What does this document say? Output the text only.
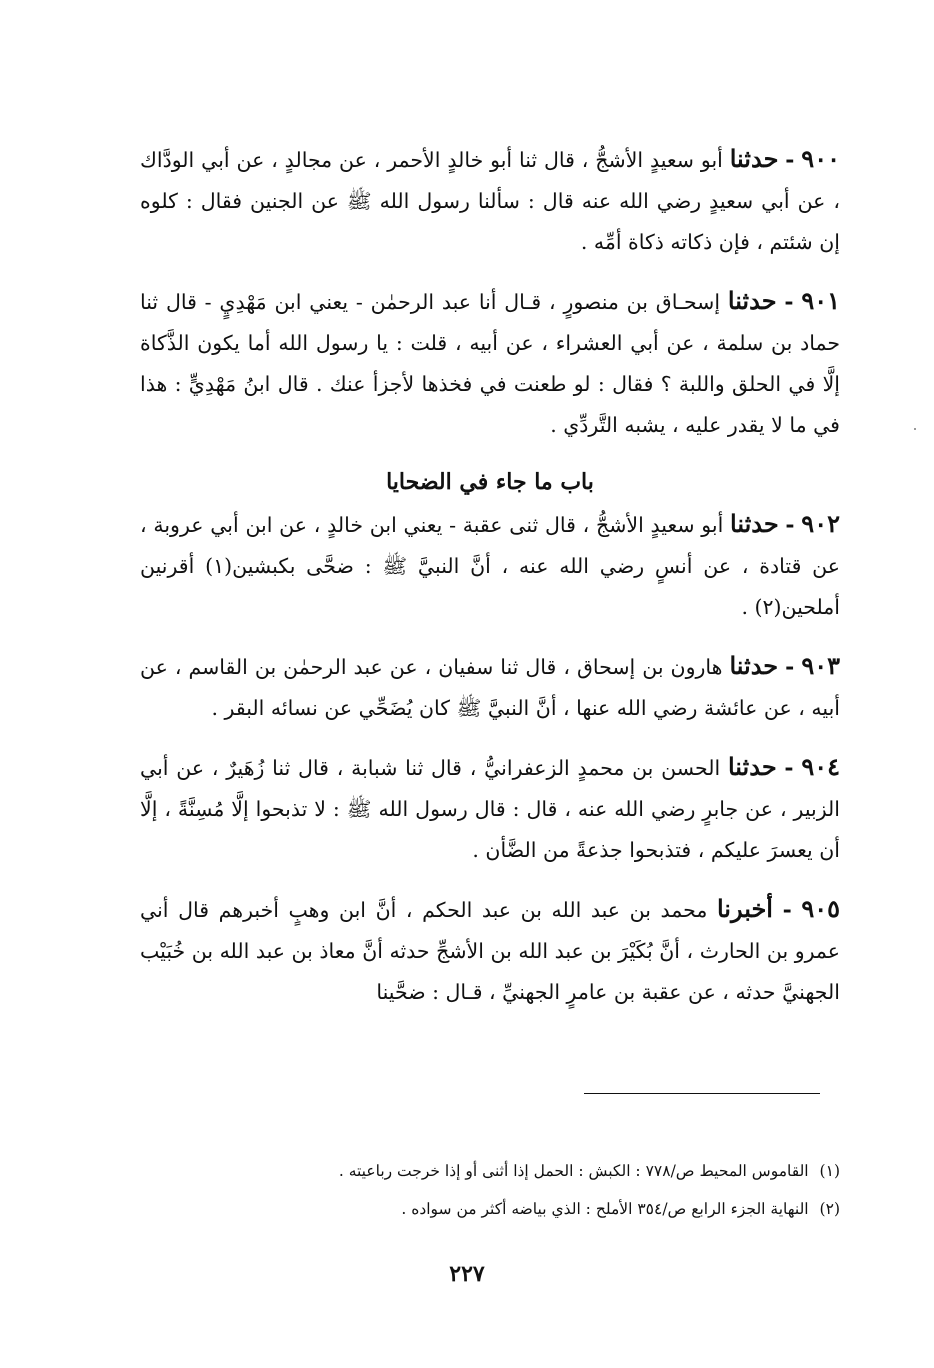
٩٠٠ - حدثنا أبو سعيدٍ الأشجُّ ، قال ثنا أبو خالدٍ الأحمر ، عن مجالدٍ ، عن أبي الودَّاك ، عن أبي سعيدٍ رضي الله عنه قال : سألنا رسول الله ﷺ عن الجنين فقال : كلوه إن شئتم ، فإن ذكاته ذكاة أمِّه .

٩٠١ - حدثنا إسحـاق بن منصورٍ ، قـال أنا عبد الرحمٰن - يعني ابن مَهْدِيٍ - قال ثنا حماد بن سلمة ، عن أبي العشراء ، عن أبيه ، قلت : يا رسول الله أما يكون الذَّكاة إلَّا في الحلق واللبة ؟ فقال : لو طعنت في فخذها لأجزأ عنك . قال ابنُ مَهْدِيٍّ : هذا في ما لا يقدر عليه ، يشبه التَّردِّي .

باب ما جاء في الضحايا

٩٠٢ - حدثنا أبو سعيدٍ الأشجُّ ، قال ثنى عقبة - يعني ابن خالدٍ ، عن ابن أبي عروبة ، عن قتادة ، عن أنسٍ رضي الله عنه ، أنَّ النبيَّ ﷺ : ضحَّى بكبشين(١) أقرنين أملحين(٢) .

٩٠٣ - حدثنا هارون بن إسحاق ، قال ثنا سفيان ، عن عبد الرحمٰن بن القاسم ، عن أبيه ، عن عائشة رضي الله عنها ، أنَّ النبيَّ ﷺ كان يُضَحِّي عن نسائه البقر .

٩٠٤ - حدثنا الحسن بن محمدٍ الزعفرانيُّ ، قال ثنا شبابة ، قال ثنا زُهَيرٌ ، عن أبي الزبير ، عن جابرٍ رضي الله عنه ، قال : قال رسول الله ﷺ : لا تذبحوا إلَّا مُسِنَّةً ، إلَّا أن يعسرَ عليكم ، فتذبحوا جذعةً من الضَّأن .

٩٠٥ - أخبرنا محمد بن عبد الله بن عبد الحكم ، أنَّ ابن وهبٍ أخبرهم قال أني عمرو بن الحارث ، أنَّ بُكَيْرَ بن عبد الله بن الأشجِّ حدثه أنَّ معاذ بن عبد الله بن خُبَيْب الجهنيَّ حدثه ، عن عقبة بن عامرٍ الجهنيِّ ، قـال : ضحَّينا

(١) القاموس المحيط ص/٧٧٨ : الكبش : الحمل إذا أثنى أو إذا خرجت رباعيته .
(٢) النهاية الجزء الرابع ص/٣٥٤ الأملح : الذي بياضه أكثر من سواده .
٢٢٧
